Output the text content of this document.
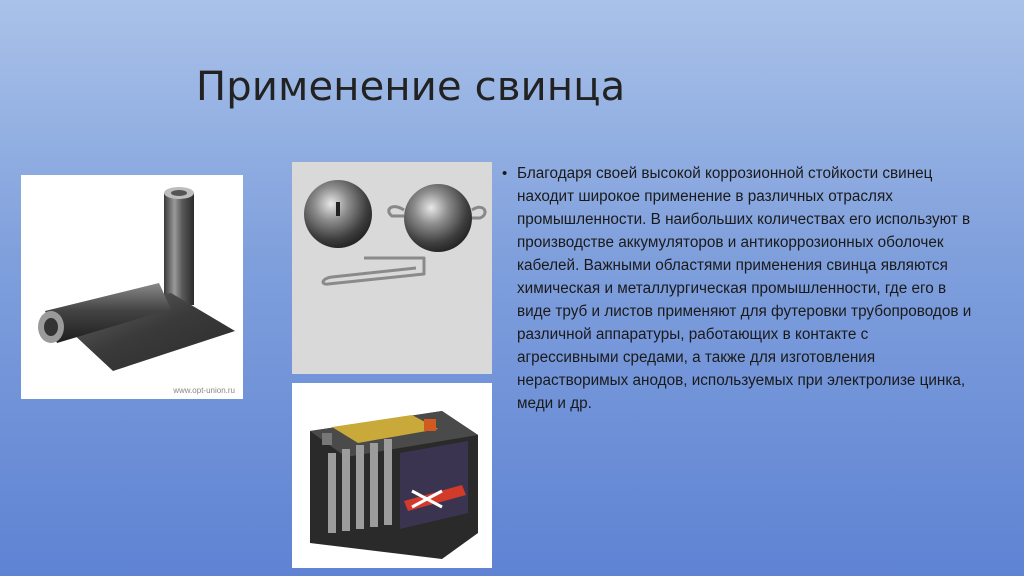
Применение свинца
www.opt-union.ru
• Благодаря своей высокой коррозионной стойкости свинец находит широкое применение в различных отраслях промышленности. В наибольших количествах его используют в производстве аккумуляторов и антикоррозионных оболочек кабелей. Важными областями применения свинца являются химическая и металлургическая промышленности, где его в виде труб и листов применяют для футеровки трубопроводов и различной аппаратуры, работающих в контакте с агрессивными средами, а также для изготовления нерастворимых анодов, используемых при электролизе цинка, меди и др.
